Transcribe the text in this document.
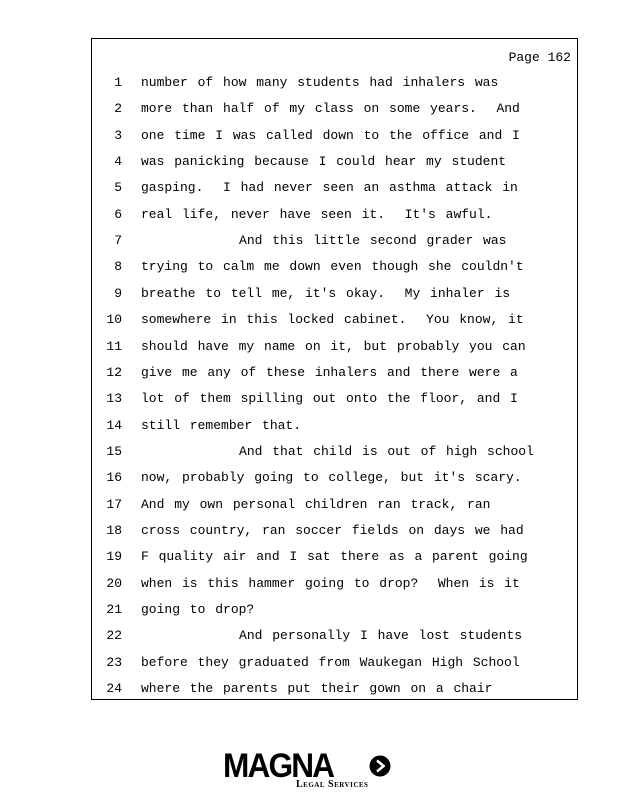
Page 162
1 number of how many students had inhalers was
2 more than half of my class on some years.  And
3 one time I was called down to the office and I
4 was panicking because I could hear my student
5 gasping.  I had never seen an asthma attack in
6 real life, never have seen it.  It's awful.
7 And this little second grader was
8 trying to calm me down even though she couldn't
9 breathe to tell me, it's okay.  My inhaler is
10 somewhere in this locked cabinet.  You know, it
11 should have my name on it, but probably you can
12 give me any of these inhalers and there were a
13 lot of them spilling out onto the floor, and I
14 still remember that.
15 And that child is out of high school
16 now, probably going to college, but it's scary.
17 And my own personal children ran track, ran
18 cross country, ran soccer fields on days we had
19 F quality air and I sat there as a parent going
20 when is this hammer going to drop?  When is it
21 going to drop?
22 And personally I have lost students
23 before they graduated from Waukegan High School
24 where the parents put their gown on a chair
MAGNA
Legal Services
